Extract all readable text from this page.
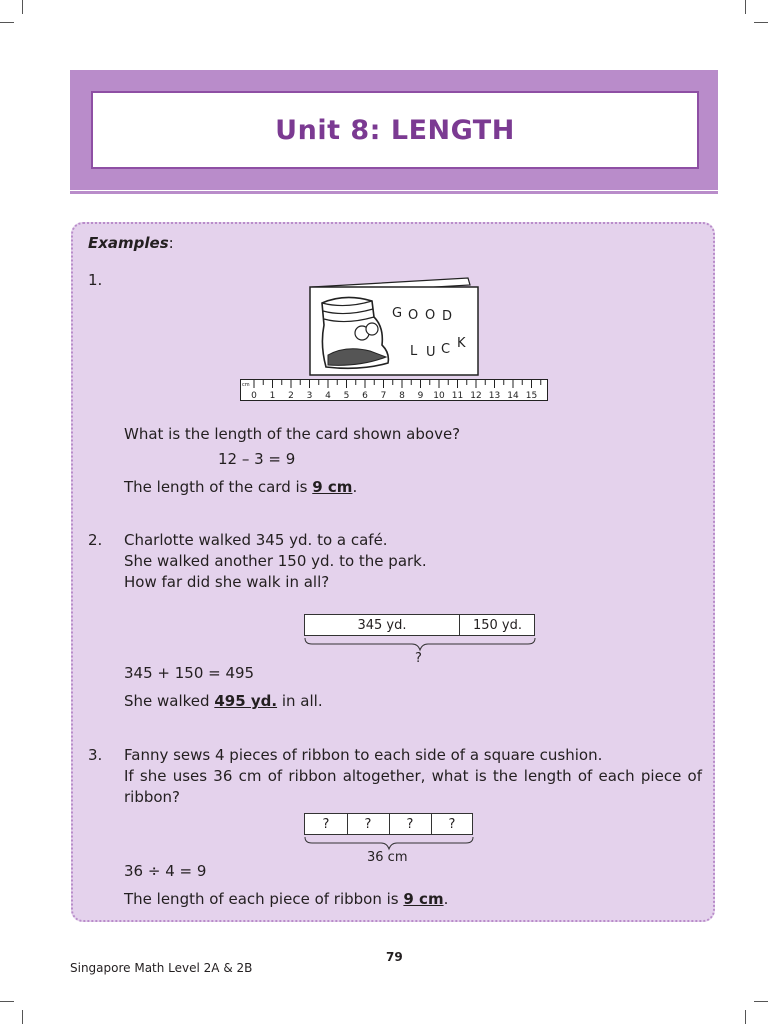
Unit 8: LENGTH
Examples:
1.
G O O D
L U C K
cm
0 1 2 3 4 5 6 7 8 9 10 11 12 13 14 15
What is the length of the card shown above?
12 – 3 = 9
The length of the card is 9 cm.
2. Charlotte walked 345 yd. to a café.
She walked another 150 yd. to the park.
How far did she walk in all?
345 yd.	150 yd.
?
345 + 150 = 495
She walked 495 yd. in all.
3. Fanny sews 4 pieces of ribbon to each side of a square cushion.
If she uses 36 cm of ribbon altogether, what is the length of each piece of
ribbon?
?	?	?	?
36 cm
36 ÷ 4 = 9
The length of each piece of ribbon is 9 cm.
79
Singapore Math Level 2A & 2B
